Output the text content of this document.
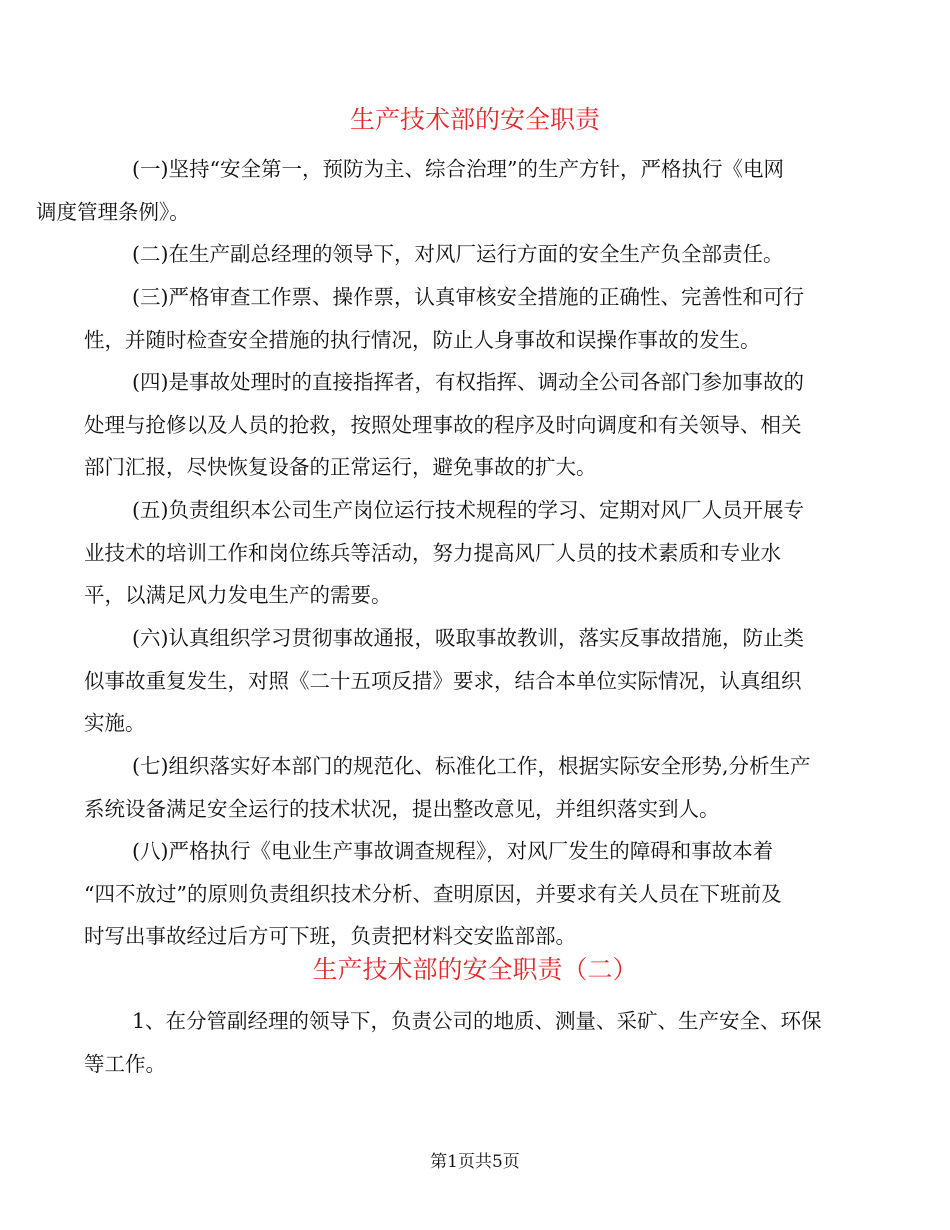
生产技术部的安全职责

(一)坚持“安全第一，预防为主、综合治理”的生产方针，严格执行《电网
调度管理条例》。

(二)在生产副总经理的领导下，对风厂运行方面的安全生产负全部责任。

(三)严格审查工作票、操作票，认真审核安全措施的正确性、完善性和可行
性，并随时检查安全措施的执行情况，防止人身事故和误操作事故的发生。

(四)是事故处理时的直接指挥者，有权指挥、调动全公司各部门参加事故的
处理与抢修以及人员的抢救，按照处理事故的程序及时向调度和有关领导、相关
部门汇报，尽快恢复设备的正常运行，避免事故的扩大。

(五)负责组织本公司生产岗位运行技术规程的学习、定期对风厂人员开展专
业技术的培训工作和岗位练兵等活动，努力提高风厂人员的技术素质和专业水
平，以满足风力发电生产的需要。

(六)认真组织学习贯彻事故通报，吸取事故教训，落实反事故措施，防止类
似事故重复发生，对照《二十五项反措》要求，结合本单位实际情况，认真组织
实施。

(七)组织落实好本部门的规范化、标准化工作，根据实际安全形势,分析生产
系统设备满足安全运行的技术状况，提出整改意见，并组织落实到人。

(八)严格执行《电业生产事故调查规程》，对风厂发生的障碍和事故本着
“四不放过”的原则负责组织技术分析、查明原因，并要求有关人员在下班前及
时写出事故经过后方可下班，负责把材料交安监部部。

生产技术部的安全职责（二）

1、在分管副经理的领导下，负责公司的地质、测量、采矿、生产安全、环保
等工作。

第1页共5页
